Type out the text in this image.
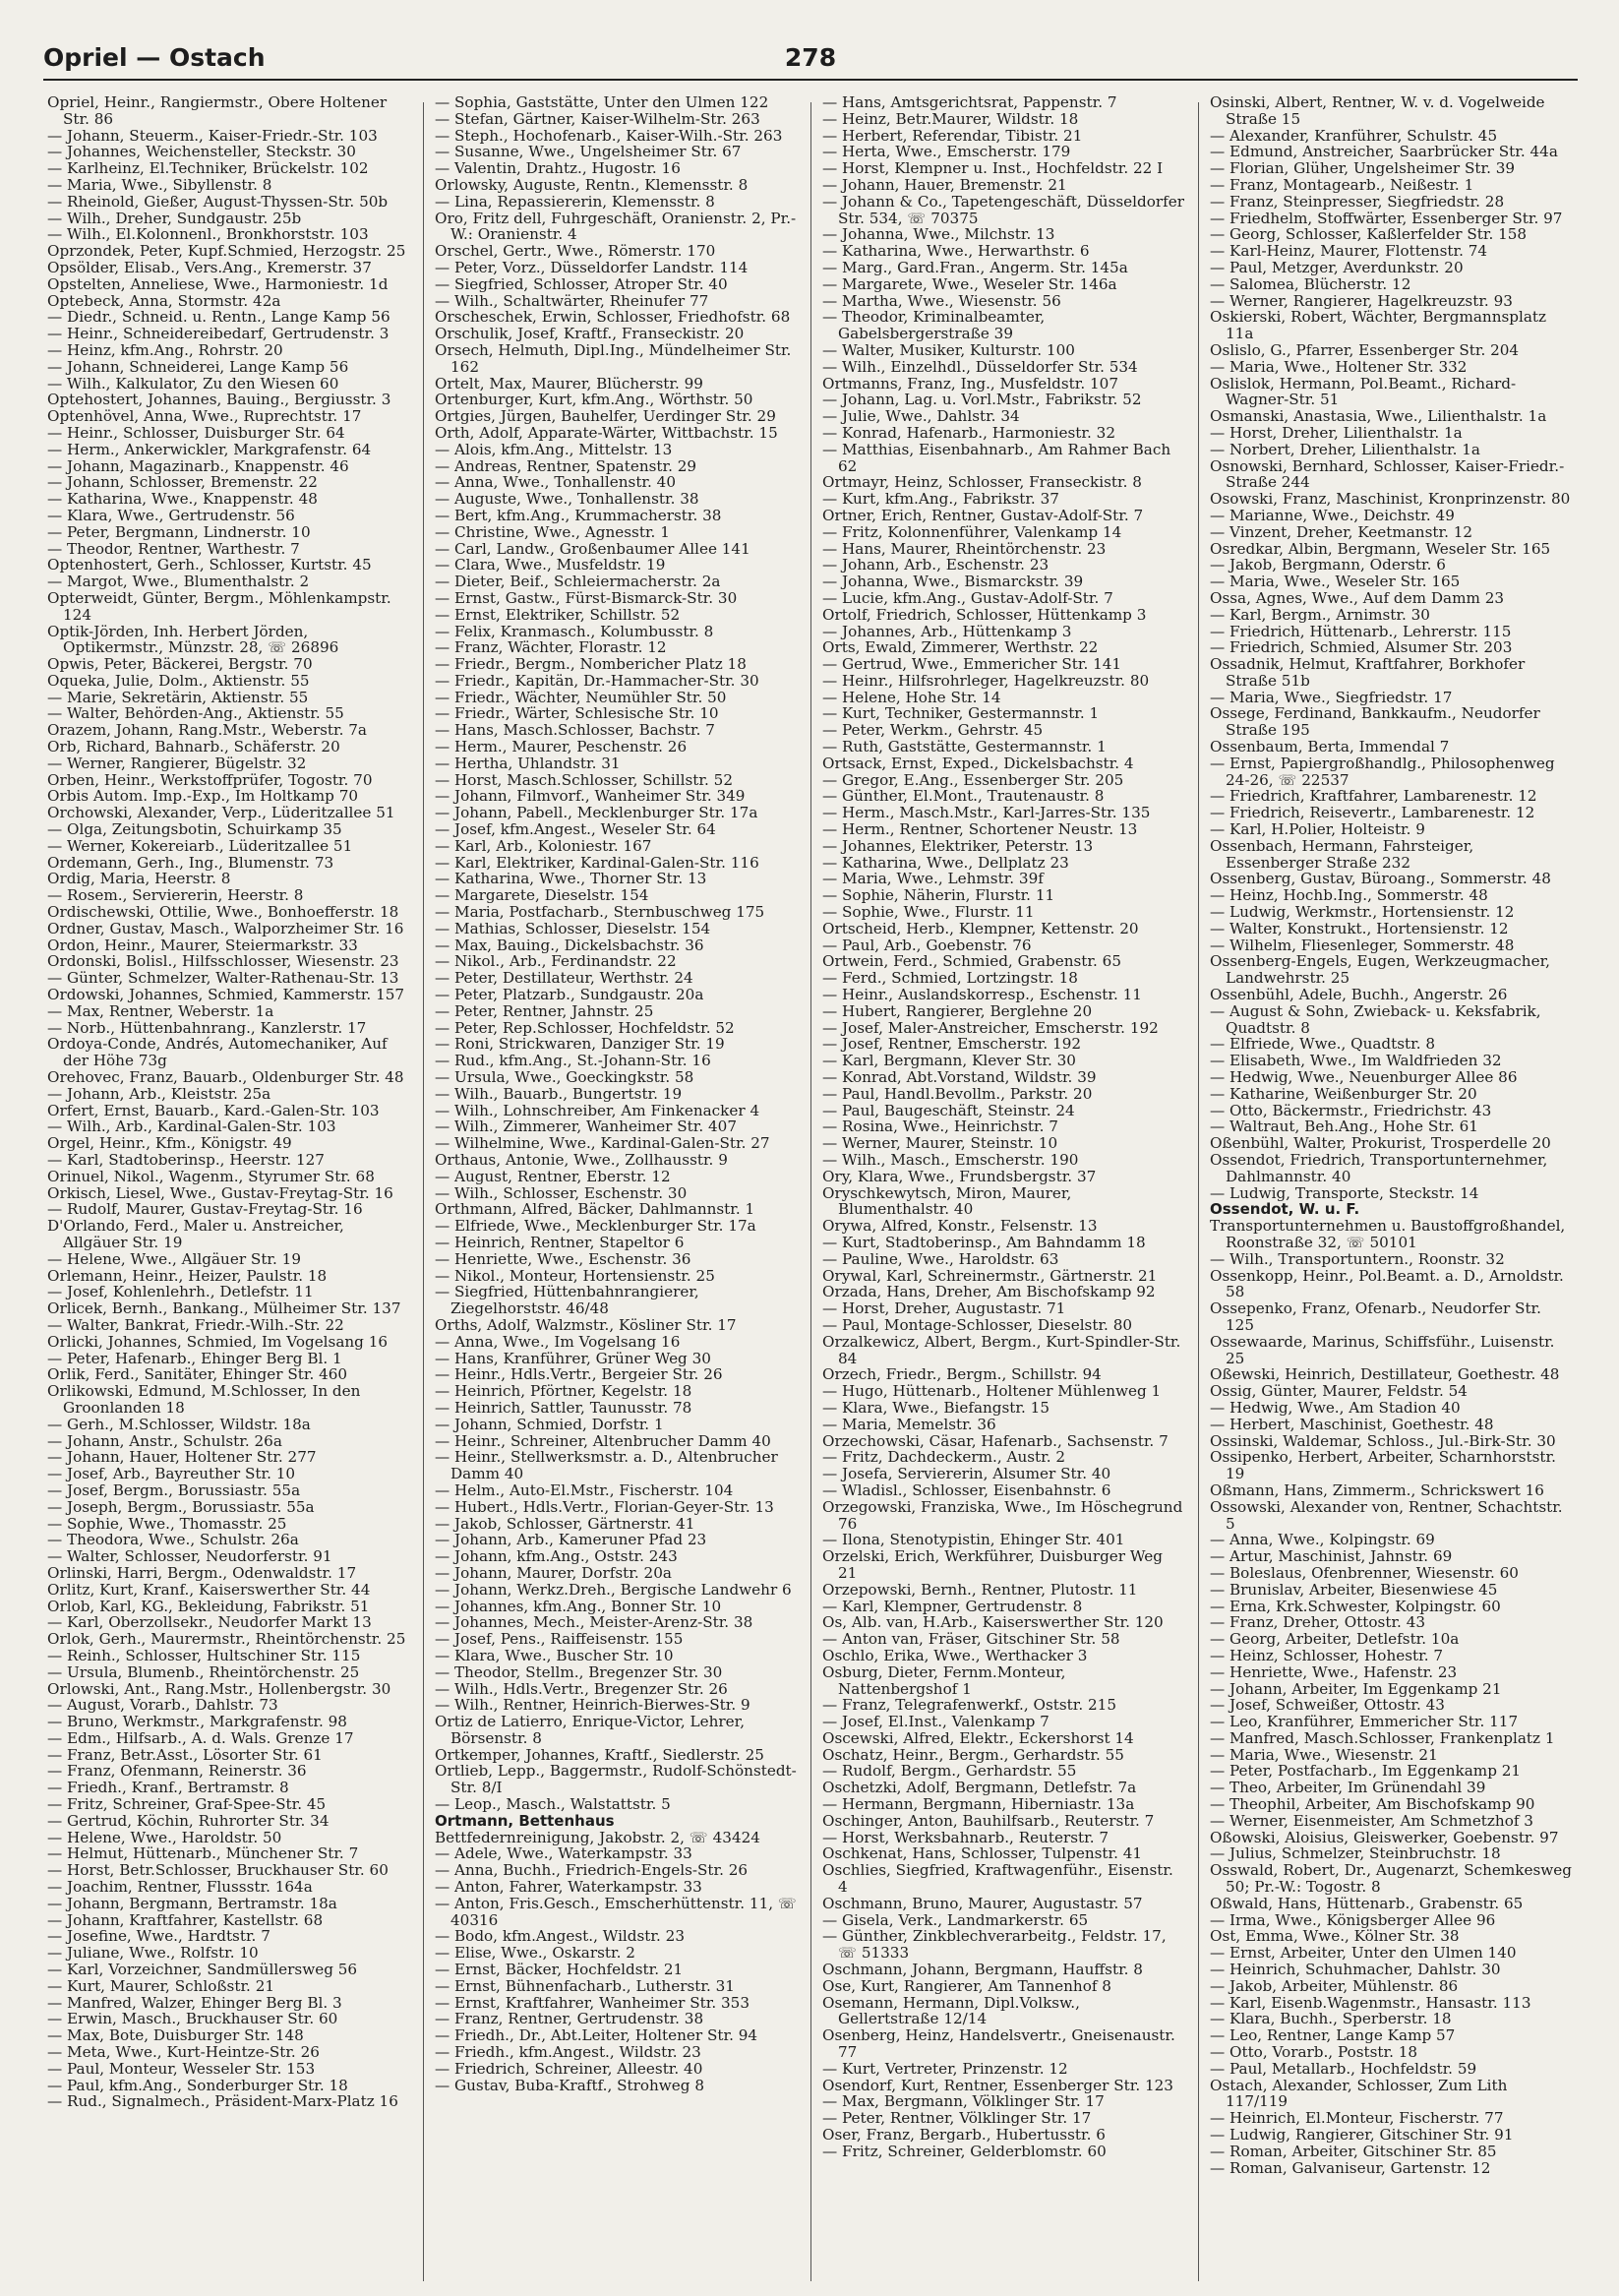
Opriel — Ostach	278
Opriel, Heinr., Rangiermstr., Obere Holtener Str. 86
— Johann, Steuerm., Kaiser-Friedr.-Str. 103
— Johannes, Weichensteller, Steckstr. 30
— Karlheinz, El.Techniker, Brückelstr. 102
— Maria, Wwe., Sibyllenstr. 8
— Rheinold, Gießer, August-Thyssen-Str. 50b
— Wilh., Dreher, Sundgaustr. 25b
— Wilh., El.Kolonnenl., Bronkhorststr. 103
Oprzondek, Peter, Kupf.Schmied, Herzogstr. 25
Opsölder, Elisab., Vers.Ang., Kremerstr. 37
Opstelten, Anneliese, Wwe., Harmoniestr. 1d
Optebeck, Anna, Stormstr. 42a
— Diedr., Schneid. u. Rentn., Lange Kamp 56
— Heinr., Schneidereibedarf, Gertrudenstr. 3
— Heinz, kfm.Ang., Rohrstr. 20
— Johann, Schneiderei, Lange Kamp 56
— Wilh., Kalkulator, Zu den Wiesen 60
Optehostert, Johannes, Bauing., Bergiusstr. 3
Optenhövel, Anna, Wwe., Ruprechtstr. 17
— Heinr., Schlosser, Duisburger Str. 64
— Herm., Ankerwickler, Markgrafenstr. 64
— Johann, Magazinarb., Knappenstr. 46
— Johann, Schlosser, Bremenstr. 22
— Katharina, Wwe., Knappenstr. 48
— Klara, Wwe., Gertrudenstr. 56
— Peter, Bergmann, Lindnerstr. 10
— Theodor, Rentner, Warthestr. 7
Optenhostert, Gerh., Schlosser, Kurtstr. 45
— Margot, Wwe., Blumenthalstr. 2
Opterweidt, Günter, Bergm., Möhlenkampstr. 124
Optik-Jörden, Inh. Herbert Jörden, Optikermstr., Münzstr. 28, ☏ 26896
Opwis, Peter, Bäckerei, Bergstr. 70
Oqueka, Julie, Dolm., Aktienstr. 55
— Marie, Sekretärin, Aktienstr. 55
— Walter, Behörden-Ang., Aktienstr. 55
Orazem, Johann, Rang.Mstr., Weberstr. 7a
Orb, Richard, Bahnarb., Schäferstr. 20
— Werner, Rangierer, Bügelstr. 32
Orben, Heinr., Werkstoffprüfer, Togostr. 70
Orbis Autom. Imp.-Exp., Im Holtkamp 70
Orchowski, Alexander, Verp., Lüderitzallee 51
— Olga, Zeitungsbotin, Schuirkamp 35
— Werner, Kokereiarb., Lüderitzallee 51
Ordemann, Gerh., Ing., Blumenstr. 73
Ordig, Maria, Heerstr. 8
— Rosem., Serviererin, Heerstr. 8
Ordischewski, Ottilie, Wwe., Bonhoefferstr. 18
Ordner, Gustav, Masch., Walporzheimer Str. 16
Ordon, Heinr., Maurer, Steiermarkstr. 33
Ordonski, Bolisl., Hilfsschlosser, Wiesenstr. 23
— Günter, Schmelzer, Walter-Rathenau-Str. 13
Ordowski, Johannes, Schmied, Kammerstr. 157
— Max, Rentner, Weberstr. 1a
— Norb., Hüttenbahnrang., Kanzlerstr. 17
Ordoya-Conde, Andrés, Automechaniker, Auf der Höhe 73g
Orehovec, Franz, Bauarb., Oldenburger Str. 48
— Johann, Arb., Kleiststr. 25a
Orfert, Ernst, Bauarb., Kard.-Galen-Str. 103
— Wilh., Arb., Kardinal-Galen-Str. 103
Orgel, Heinr., Kfm., Königstr. 49
— Karl, Stadtoberinsp., Heerstr. 127
Orinuel, Nikol., Wagenm., Styrumer Str. 68
Orkisch, Liesel, Wwe., Gustav-Freytag-Str. 16
— Rudolf, Maurer, Gustav-Freytag-Str. 16
D'Orlando, Ferd., Maler u. Anstreicher, Allgäuer Str. 19
— Helene, Wwe., Allgäuer Str. 19
Orlemann, Heinr., Heizer, Paulstr. 18
— Josef, Kohlenlehrh., Detlefstr. 11
Orlicek, Bernh., Bankang., Mülheimer Str. 137
— Walter, Bankrat, Friedr.-Wilh.-Str. 22
Orlicki, Johannes, Schmied, Im Vogelsang 16
— Peter, Hafenarb., Ehinger Berg Bl. 1
Orlik, Ferd., Sanitäter, Ehinger Str. 460
Orlikowski, Edmund, M.Schlosser, In den Groonlanden 18
— Gerh., M.Schlosser, Wildstr. 18a
— Johann, Anstr., Schulstr. 26a
— Johann, Hauer, Holtener Str. 277
— Josef, Arb., Bayreuther Str. 10
— Josef, Bergm., Borussiastr. 55a
— Joseph, Bergm., Borussiastr. 55a
— Sophie, Wwe., Thomasstr. 25
— Theodora, Wwe., Schulstr. 26a
— Walter, Schlosser, Neudorferstr. 91
Orlinski, Harri, Bergm., Odenwaldstr. 17
Orlitz, Kurt, Kranf., Kaiserswerther Str. 44
Orlob, Karl, KG., Bekleidung, Fabrikstr. 51
— Karl, Oberzollsekr., Neudorfer Markt 13
Orlok, Gerh., Maurermstr., Rheintörchenstr. 25
— Reinh., Schlosser, Hultschiner Str. 115
— Ursula, Blumenb., Rheintörchenstr. 25
Orlowski, Ant., Rang.Mstr., Hollenbergstr. 30
— August, Vorarb., Dahlstr. 73
— Bruno, Werkmstr., Markgrafenstr. 98
— Edm., Hilfsarb., A. d. Wals. Grenze 17
— Franz, Betr.Asst., Lösorter Str. 61
— Franz, Ofenmann, Reinerstr. 36
— Friedh., Kranf., Bertramstr. 8
— Fritz, Schreiner, Graf-Spee-Str. 45
— Gertrud, Köchin, Ruhrorter Str. 34
— Helene, Wwe., Haroldstr. 50
— Helmut, Hüttenarb., Münchener Str. 7
— Horst, Betr.Schlosser, Bruckhauser Str. 60
— Joachim, Rentner, Flussstr. 164a
— Johann, Bergmann, Bertramstr. 18a
— Johann, Kraftfahrer, Kastellstr. 68
— Josefine, Wwe., Hardtstr. 7
— Juliane, Wwe., Rolfstr. 10
— Karl, Vorzeichner, Sandmüllersweg 56
— Kurt, Maurer, Schloßstr. 21
— Manfred, Walzer, Ehinger Berg Bl. 3
— Erwin, Masch., Bruckhauser Str. 60
— Max, Bote, Duisburger Str. 148
— Meta, Wwe., Kurt-Heintze-Str. 26
— Paul, Monteur, Wesseler Str. 153
— Paul, kfm.Ang., Sonderburger Str. 18
— Rud., Signalmech., Präsident-Marx-Platz 16
— Sophia, Gaststätte, Unter den Ulmen 122
— Stefan, Gärtner, Kaiser-Wilhelm-Str. 263
— Steph., Hochofenarb., Kaiser-Wilh.-Str. 263
— Susanne, Wwe., Ungelsheimer Str. 67
— Valentin, Drahtz., Hugostr. 16
Orlowsky, Auguste, Rentn., Klemensstr. 8
— Lina, Repassiererin, Klemensstr. 8
Oro, Fritz dell, Fuhrgeschäft, Oranienstr. 2, Pr.-W.: Oranienstr. 4
Orschel, Gertr., Wwe., Römerstr. 170
— Peter, Vorz., Düsseldorfer Landstr. 114
— Siegfried, Schlosser, Atroper Str. 40
— Wilh., Schaltwärter, Rheinufer 77
Orscheschek, Erwin, Schlosser, Friedhofstr. 68
Orschulik, Josef, Kraftf., Franseckistr. 20
Orsech, Helmuth, Dipl.Ing., Mündelheimer Str. 162
Ortelt, Max, Maurer, Blücherstr. 99
Ortenburger, Kurt, kfm.Ang., Wörthstr. 50
Ortgies, Jürgen, Bauhelfer, Uerdinger Str. 29
Orth, Adolf, Apparate-Wärter, Wittbachstr. 15
— Alois, kfm.Ang., Mittelstr. 13
— Andreas, Rentner, Spatenstr. 29
— Anna, Wwe., Tonhallenstr. 40
— Auguste, Wwe., Tonhallenstr. 38
— Bert, kfm.Ang., Krummacherstr. 38
— Christine, Wwe., Agnesstr. 1
— Carl, Landw., Großenbaumer Allee 141
— Clara, Wwe., Musfeldstr. 19
— Dieter, Beif., Schleiermacherstr. 2a
— Ernst, Gastw., Fürst-Bismarck-Str. 30
— Ernst, Elektriker, Schillstr. 52
— Felix, Kranmasch., Kolumbusstr. 8
— Franz, Wächter, Florastr. 12
— Friedr., Bergm., Nombericher Platz 18
— Friedr., Kapitän, Dr.-Hammacher-Str. 30
— Friedr., Wächter, Neumühler Str. 50
— Friedr., Wärter, Schlesische Str. 10
— Hans, Masch.Schlosser, Bachstr. 7
— Herm., Maurer, Peschenstr. 26
— Hertha, Uhlandstr. 31
— Horst, Masch.Schlosser, Schillstr. 52
— Johann, Filmvorf., Wanheimer Str. 349
— Johann, Pabell., Mecklenburger Str. 17a
— Josef, kfm.Angest., Weseler Str. 64
— Karl, Arb., Koloniestr. 167
— Karl, Elektriker, Kardinal-Galen-Str. 116
— Katharina, Wwe., Thorner Str. 13
— Margarete, Dieselstr. 154
— Maria, Postfacharb., Sternbuschweg 175
— Mathias, Schlosser, Dieselstr. 154
— Max, Bauing., Dickelsbachstr. 36
— Nikol., Arb., Ferdinandstr. 22
— Peter, Destillateur, Werthstr. 24
— Peter, Platzarb., Sundgaustr. 20a
— Peter, Rentner, Jahnstr. 25
— Peter, Rep.Schlosser, Hochfeldstr. 52
— Roni, Strickwaren, Danziger Str. 19
— Rud., kfm.Ang., St.-Johann-Str. 16
— Ursula, Wwe., Goeckingkstr. 58
— Wilh., Bauarb., Bungertstr. 19
— Wilh., Lohnschreiber, Am Finkenacker 4
— Wilh., Zimmerer, Wanheimer Str. 407
— Wilhelmine, Wwe., Kardinal-Galen-Str. 27
Orthaus, Antonie, Wwe., Zollhausstr. 9
— August, Rentner, Eberstr. 12
— Wilh., Schlosser, Eschenstr. 30
Orthmann, Alfred, Bäcker, Dahlmannstr. 1
— Elfriede, Wwe., Mecklenburger Str. 17a
— Heinrich, Rentner, Stapeltor 6
— Henriette, Wwe., Eschenstr. 36
— Nikol., Monteur, Hortensienstr. 25
— Siegfried, Hüttenbahnrangierer, Ziegelhorststr. 46/48
Orths, Adolf, Walzmstr., Kösliner Str. 17
— Anna, Wwe., Im Vogelsang 16
— Hans, Kranführer, Grüner Weg 30
— Heinr., Hdls.Vertr., Bergeier Str. 26
— Heinrich, Pförtner, Kegelstr. 18
— Heinrich, Sattler, Taunusstr. 78
— Johann, Schmied, Dorfstr. 1
— Heinr., Schreiner, Altenbrucher Damm 40
— Heinr., Stellwerksmstr. a. D., Altenbrucher Damm 40
— Helm., Auto-El.Mstr., Fischerstr. 104
— Hubert., Hdls.Vertr., Florian-Geyer-Str. 13
— Jakob, Schlosser, Gärtnerstr. 41
— Johann, Arb., Kameruner Pfad 23
— Johann, kfm.Ang., Oststr. 243
— Johann, Maurer, Dorfstr. 20a
— Johann, Werkz.Dreh., Bergische Landwehr 6
— Johannes, kfm.Ang., Bonner Str. 10
— Johannes, Mech., Meister-Arenz-Str. 38
— Josef, Pens., Raiffeisenstr. 155
— Klara, Wwe., Buscher Str. 10
— Theodor, Stellm., Bregenzer Str. 30
— Wilh., Hdls.Vertr., Bregenzer Str. 26
— Wilh., Rentner, Heinrich-Bierwes-Str. 9
Ortiz de Latierro, Enrique-Victor, Lehrer, Börsenstr. 8
Ortkemper, Johannes, Kraftf., Siedlerstr. 25
Ortlieb, Lepp., Baggermstr., Rudolf-Schönstedt-Str. 8/I
— Leop., Masch., Walstattstr. 5
Ortmann, Bettenhaus
Bettfedernreinigung, Jakobstr. 2, ☏ 43424
— Adele, Wwe., Waterkampstr. 33
— Anna, Buchh., Friedrich-Engels-Str. 26
— Anton, Fahrer, Waterkampstr. 33
— Anton, Fris.Gesch., Emscherhüttenstr. 11, ☏ 40316
— Bodo, kfm.Angest., Wildstr. 23
— Elise, Wwe., Oskarstr. 2
— Ernst, Bäcker, Hochfeldstr. 21
— Ernst, Bühnenfacharb., Lutherstr. 31
— Ernst, Kraftfahrer, Wanheimer Str. 353
— Franz, Rentner, Gertrudenstr. 38
— Friedh., Dr., Abt.Leiter, Holtener Str. 94
— Friedh., kfm.Angest., Wildstr. 23
— Friedrich, Schreiner, Alleestr. 40
— Gustav, Buba-Kraftf., Strohweg 8
— Hans, Amtsgerichtsrat, Pappenstr. 7
— Heinz, Betr.Maurer, Wildstr. 18
— Herbert, Referendar, Tibistr. 21
— Herta, Wwe., Emscherstr. 179
— Horst, Klempner u. Inst., Hochfeldstr. 22 I
— Johann, Hauer, Bremenstr. 21
— Johann & Co., Tapetengeschäft, Düsseldorfer Str. 534, ☏ 70375
— Johanna, Wwe., Milchstr. 13
— Katharina, Wwe., Herwarthstr. 6
— Marg., Gard.Fran., Angerm. Str. 145a
— Margarete, Wwe., Weseler Str. 146a
— Martha, Wwe., Wiesenstr. 56
— Theodor, Kriminalbeamter, Gabelsbergerstraße 39
— Walter, Musiker, Kulturstr. 100
— Wilh., Einzelhdl., Düsseldorfer Str. 534
Ortmanns, Franz, Ing., Musfeldstr. 107
— Johann, Lag. u. Vorl.Mstr., Fabrikstr. 52
— Julie, Wwe., Dahlstr. 34
— Konrad, Hafenarb., Harmoniestr. 32
— Matthias, Eisenbahnarb., Am Rahmer Bach 62
Ortmayr, Heinz, Schlosser, Franseckistr. 8
— Kurt, kfm.Ang., Fabrikstr. 37
Ortner, Erich, Rentner, Gustav-Adolf-Str. 7
— Fritz, Kolonnenführer, Valenkamp 14
— Hans, Maurer, Rheintörchenstr. 23
— Johann, Arb., Eschenstr. 23
— Johanna, Wwe., Bismarckstr. 39
— Lucie, kfm.Ang., Gustav-Adolf-Str. 7
Ortolf, Friedrich, Schlosser, Hüttenkamp 3
— Johannes, Arb., Hüttenkamp 3
Orts, Ewald, Zimmerer, Werthstr. 22
— Gertrud, Wwe., Emmericher Str. 141
— Heinr., Hilfsrohrleger, Hagelkreuzstr. 80
— Helene, Hohe Str. 14
— Kurt, Techniker, Gestermannstr. 1
— Peter, Werkm., Gehrstr. 45
— Ruth, Gaststätte, Gestermannstr. 1
Ortsack, Ernst, Exped., Dickelsbachstr. 4
— Gregor, E.Ang., Essenberger Str. 205
— Günther, El.Mont., Trautenaustr. 8
— Herm., Masch.Mstr., Karl-Jarres-Str. 135
— Herm., Rentner, Schortener Neustr. 13
— Johannes, Elektriker, Peterstr. 13
— Katharina, Wwe., Dellplatz 23
— Maria, Wwe., Lehmstr. 39f
— Sophie, Näherin, Flurstr. 11
— Sophie, Wwe., Flurstr. 11
Ortscheid, Herb., Klempner, Kettenstr. 20
— Paul, Arb., Goebenstr. 76
Ortwein, Ferd., Schmied, Grabenstr. 65
— Ferd., Schmied, Lortzingstr. 18
— Heinr., Auslandskorresp., Eschenstr. 11
— Hubert, Rangierer, Berglehne 20
— Josef, Maler-Anstreicher, Emscherstr. 192
— Josef, Rentner, Emscherstr. 192
— Karl, Bergmann, Klever Str. 30
— Konrad, Abt.Vorstand, Wildstr. 39
— Paul, Handl.Bevollm., Parkstr. 20
— Paul, Baugeschäft, Steinstr. 24
— Rosina, Wwe., Heinrichstr. 7
— Werner, Maurer, Steinstr. 10
— Wilh., Masch., Emscherstr. 190
Ory, Klara, Wwe., Frundsbergstr. 37
Oryschkewytsch, Miron, Maurer, Blumenthalstr. 40
Orywa, Alfred, Konstr., Felsenstr. 13
— Kurt, Stadtoberinsp., Am Bahndamm 18
— Pauline, Wwe., Haroldstr. 63
Orywal, Karl, Schreinermstr., Gärtnerstr. 21
Orzada, Hans, Dreher, Am Bischofskamp 92
— Horst, Dreher, Augustastr. 71
— Paul, Montage-Schlosser, Dieselstr. 80
Orzalkewicz, Albert, Bergm., Kurt-Spindler-Str. 84
Orzech, Friedr., Bergm., Schillstr. 94
— Hugo, Hüttenarb., Holtener Mühlenweg 1
— Klara, Wwe., Biefangstr. 15
— Maria, Memelstr. 36
Orzechowski, Cäsar, Hafenarb., Sachsenstr. 7
— Fritz, Dachdeckerm., Austr. 2
— Josefa, Serviererin, Alsumer Str. 40
— Wladisl., Schlosser, Eisenbahnstr. 6
Orzegowski, Franziska, Wwe., Im Höschegrund 76
— Ilona, Stenotypistin, Ehinger Str. 401
Orzelski, Erich, Werkführer, Duisburger Weg 21
Orzepowski, Bernh., Rentner, Plutostr. 11
— Karl, Klempner, Gertrudenstr. 8
Os, Alb. van, H.Arb., Kaiserswerther Str. 120
— Anton van, Fräser, Gitschiner Str. 58
Oschlo, Erika, Wwe., Werthacker 3
Osburg, Dieter, Fernm.Monteur, Nattenbergshof 1
— Franz, Telegrafenwerkf., Oststr. 215
— Josef, El.Inst., Valenkamp 7
Oscewski, Alfred, Elektr., Eckershorst 14
Oschatz, Heinr., Bergm., Gerhardstr. 55
— Rudolf, Bergm., Gerhardstr. 55
Oschetzki, Adolf, Bergmann, Detlefstr. 7a
— Hermann, Bergmann, Hiberniastr. 13a
Oschinger, Anton, Bauhilfsarb., Reuterstr. 7
— Horst, Werksbahnarb., Reuterstr. 7
Oschkenat, Hans, Schlosser, Tulpenstr. 41
Oschlies, Siegfried, Kraftwagenführ., Eisenstr. 4
Oschmann, Bruno, Maurer, Augustastr. 57
— Gisela, Verk., Landmarkerstr. 65
— Günther, Zinkblechverarbeitg., Feldstr. 17, ☏ 51333
Oschmann, Johann, Bergmann, Hauffstr. 8
Ose, Kurt, Rangierer, Am Tannenhof 8
Osemann, Hermann, Dipl.Volksw., Gellertstraße 12/14
Osenberg, Heinz, Handelsvertr., Gneisenaustr. 77
— Kurt, Vertreter, Prinzenstr. 12
Osendorf, Kurt, Rentner, Essenberger Str. 123
— Max, Bergmann, Völklinger Str. 17
— Peter, Rentner, Völklinger Str. 17
Oser, Franz, Bergarb., Hubertusstr. 6
— Fritz, Schreiner, Gelderblomstr. 60
Osinski, Albert, Rentner, W. v. d. Vogelweide Straße 15
— Alexander, Kranführer, Schulstr. 45
— Edmund, Anstreicher, Saarbrücker Str. 44a
— Florian, Glüher, Ungelsheimer Str. 39
— Franz, Montagearb., Neißestr. 1
— Franz, Steinpresser, Siegfriedstr. 28
— Friedhelm, Stoffwärter, Essenberger Str. 97
— Georg, Schlosser, Kaßlerfelder Str. 158
— Karl-Heinz, Maurer, Flottenstr. 74
— Paul, Metzger, Averdunkstr. 20
— Salomea, Blücherstr. 12
— Werner, Rangierer, Hagelkreuzstr. 93
Oskierski, Robert, Wächter, Bergmannsplatz 11a
Oslislo, G., Pfarrer, Essenberger Str. 204
— Maria, Wwe., Holtener Str. 332
Oslislok, Hermann, Pol.Beamt., Richard-Wagner-Str. 51
Osmanski, Anastasia, Wwe., Lilienthalstr. 1a
— Horst, Dreher, Lilienthalstr. 1a
— Norbert, Dreher, Lilienthalstr. 1a
Osnowski, Bernhard, Schlosser, Kaiser-Friedr.-Straße 244
Osowski, Franz, Maschinist, Kronprinzenstr. 80
— Marianne, Wwe., Deichstr. 49
— Vinzent, Dreher, Keetmanstr. 12
Osredkar, Albin, Bergmann, Weseler Str. 165
— Jakob, Bergmann, Oderstr. 6
— Maria, Wwe., Weseler Str. 165
Ossa, Agnes, Wwe., Auf dem Damm 23
— Karl, Bergm., Arnimstr. 30
— Friedrich, Hüttenarb., Lehrerstr. 115
— Friedrich, Schmied, Alsumer Str. 203
Ossadnik, Helmut, Kraftfahrer, Borkhofer Straße 51b
— Maria, Wwe., Siegfriedstr. 17
Ossege, Ferdinand, Bankkaufm., Neudorfer Straße 195
Ossenbaum, Berta, Immendal 7
— Ernst, Papiergroßhandlg., Philosophenweg 24-26, ☏ 22537
— Friedrich, Kraftfahrer, Lambarenestr. 12
— Friedrich, Reisevertr., Lambarenestr. 12
— Karl, H.Polier, Holteistr. 9
Ossenbach, Hermann, Fahrsteiger, Essenberger Straße 232
Ossenberg, Gustav, Büroang., Sommerstr. 48
— Heinz, Hochb.Ing., Sommerstr. 48
— Ludwig, Werkmstr., Hortensienstr. 12
— Walter, Konstrukt., Hortensienstr. 12
— Wilhelm, Fliesenleger, Sommerstr. 48
Ossenberg-Engels, Eugen, Werkzeugmacher, Landwehrstr. 25
Ossenbühl, Adele, Buchh., Angerstr. 26
— August & Sohn, Zwieback- u. Keksfabrik, Quadtstr. 8
— Elfriede, Wwe., Quadtstr. 8
— Elisabeth, Wwe., Im Waldfrieden 32
— Hedwig, Wwe., Neuenburger Allee 86
— Katharine, Weißenburger Str. 20
— Otto, Bäckermstr., Friedrichstr. 43
— Waltraut, Beh.Ang., Hohe Str. 61
Oßenbühl, Walter, Prokurist, Trosperdelle 20
Ossendot, Friedrich, Transportunternehmer, Dahlmannstr. 40
— Ludwig, Transporte, Steckstr. 14
Ossendot, W. u. F.
Transportunternehmen u. Baustoffgroßhandel, Roonstraße 32, ☏ 50101
— Wilh., Transportuntern., Roonstr. 32
Ossenkopp, Heinr., Pol.Beamt. a. D., Arnoldstr. 58
Ossepenko, Franz, Ofenarb., Neudorfer Str. 125
Ossewaarde, Marinus, Schiffsführ., Luisenstr. 25
Oßewski, Heinrich, Destillateur, Goethestr. 48
Ossig, Günter, Maurer, Feldstr. 54
— Hedwig, Wwe., Am Stadion 40
— Herbert, Maschinist, Goethestr. 48
Ossinski, Waldemar, Schloss., Jul.-Birk-Str. 30
Ossipenko, Herbert, Arbeiter, Scharnhorststr. 19
Oßmann, Hans, Zimmerm., Schrickswert 16
Ossowski, Alexander von, Rentner, Schachtstr. 5
— Anna, Wwe., Kolpingstr. 69
— Artur, Maschinist, Jahnstr. 69
— Boleslaus, Ofenbrenner, Wiesenstr. 60
— Brunislav, Arbeiter, Biesenwiese 45
— Erna, Krk.Schwester, Kolpingstr. 60
— Franz, Dreher, Ottostr. 43
— Georg, Arbeiter, Detlefstr. 10a
— Heinz, Schlosser, Hohestr. 7
— Henriette, Wwe., Hafenstr. 23
— Johann, Arbeiter, Im Eggenkamp 21
— Josef, Schweißer, Ottostr. 43
— Leo, Kranführer, Emmericher Str. 117
— Manfred, Masch.Schlosser, Frankenplatz 1
— Maria, Wwe., Wiesenstr. 21
— Peter, Postfacharb., Im Eggenkamp 21
— Theo, Arbeiter, Im Grünendahl 39
— Theophil, Arbeiter, Am Bischofskamp 90
— Werner, Eisenmeister, Am Schmetzhof 3
Oßowski, Aloisius, Gleiswerker, Goebenstr. 97
— Julius, Schmelzer, Steinbruchstr. 18
Osswald, Robert, Dr., Augenarzt, Schemkesweg 50; Pr.-W.: Togostr. 8
Oßwald, Hans, Hüttenarb., Grabenstr. 65
— Irma, Wwe., Königsberger Allee 96
Ost, Emma, Wwe., Kölner Str. 38
— Ernst, Arbeiter, Unter den Ulmen 140
— Heinrich, Schuhmacher, Dahlstr. 30
— Jakob, Arbeiter, Mühlenstr. 86
— Karl, Eisenb.Wagenmstr., Hansastr. 113
— Klara, Buchh., Sperberstr. 18
— Leo, Rentner, Lange Kamp 57
— Otto, Vorarb., Poststr. 18
— Paul, Metallarb., Hochfeldstr. 59
Ostach, Alexander, Schlosser, Zum Lith 117/119
— Heinrich, El.Monteur, Fischerstr. 77
— Ludwig, Rangierer, Gitschiner Str. 91
— Roman, Arbeiter, Gitschiner Str. 85
— Roman, Galvaniseur, Gartenstr. 12
